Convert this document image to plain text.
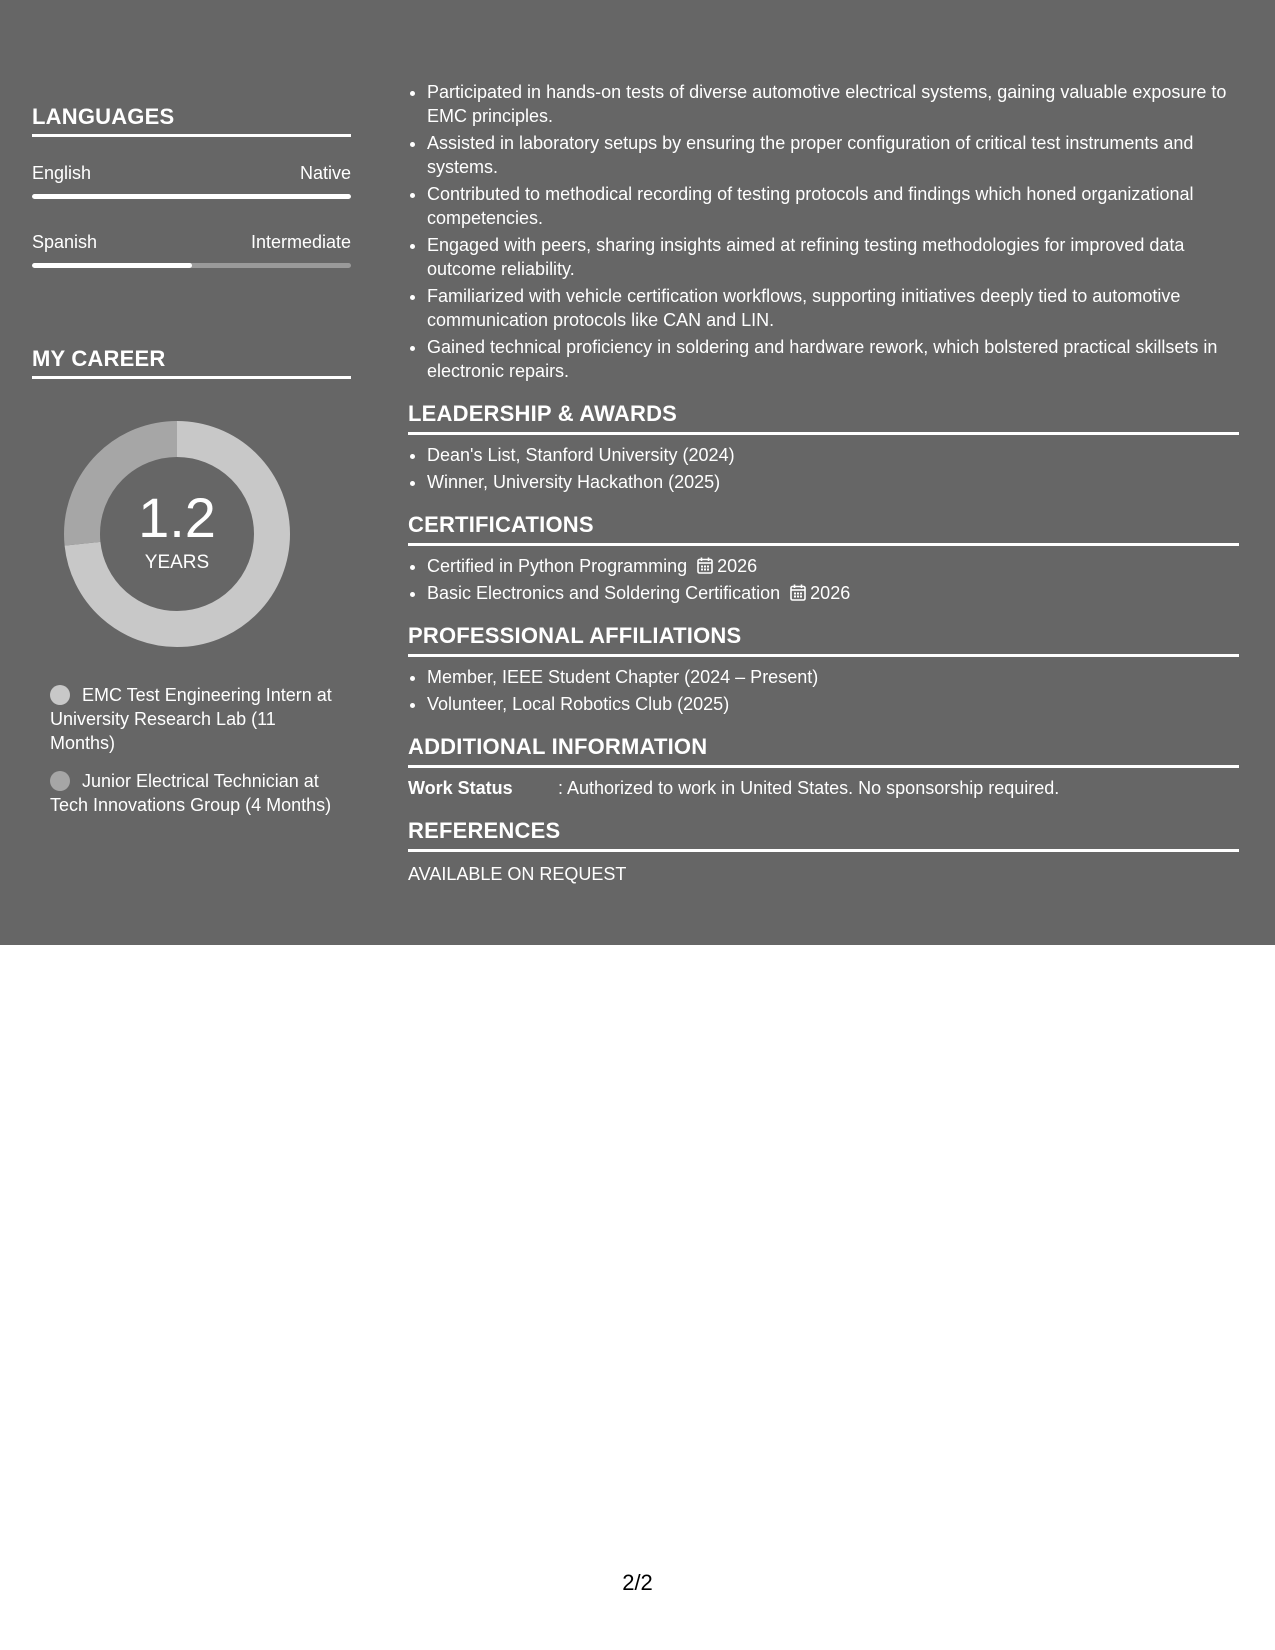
LANGUAGES
English	Native
Spanish	Intermediate
MY CAREER
1.2
YEARS
EMC Test Engineering Intern at University Research Lab (11 Months)
Junior Electrical Technician at Tech Innovations Group (4 Months)
• Participated in hands-on tests of diverse automotive electrical systems, gaining valuable exposure to EMC principles.
• Assisted in laboratory setups by ensuring the proper configuration of critical test instruments and systems.
• Contributed to methodical recording of testing protocols and findings which honed organizational competencies.
• Engaged with peers, sharing insights aimed at refining testing methodologies for improved data outcome reliability.
• Familiarized with vehicle certification workflows, supporting initiatives deeply tied to automotive communication protocols like CAN and LIN.
• Gained technical proficiency in soldering and hardware rework, which bolstered practical skillsets in electronic repairs.
LEADERSHIP & AWARDS
• Dean's List, Stanford University (2024)
• Winner, University Hackathon (2025)
CERTIFICATIONS
• Certified in Python Programming 2026
• Basic Electronics and Soldering Certification 2026
PROFESSIONAL AFFILIATIONS
• Member, IEEE Student Chapter (2024 – Present)
• Volunteer, Local Robotics Club (2025)
ADDITIONAL INFORMATION
Work Status	: Authorized to work in United States. No sponsorship required.
REFERENCES
AVAILABLE ON REQUEST
2/2
